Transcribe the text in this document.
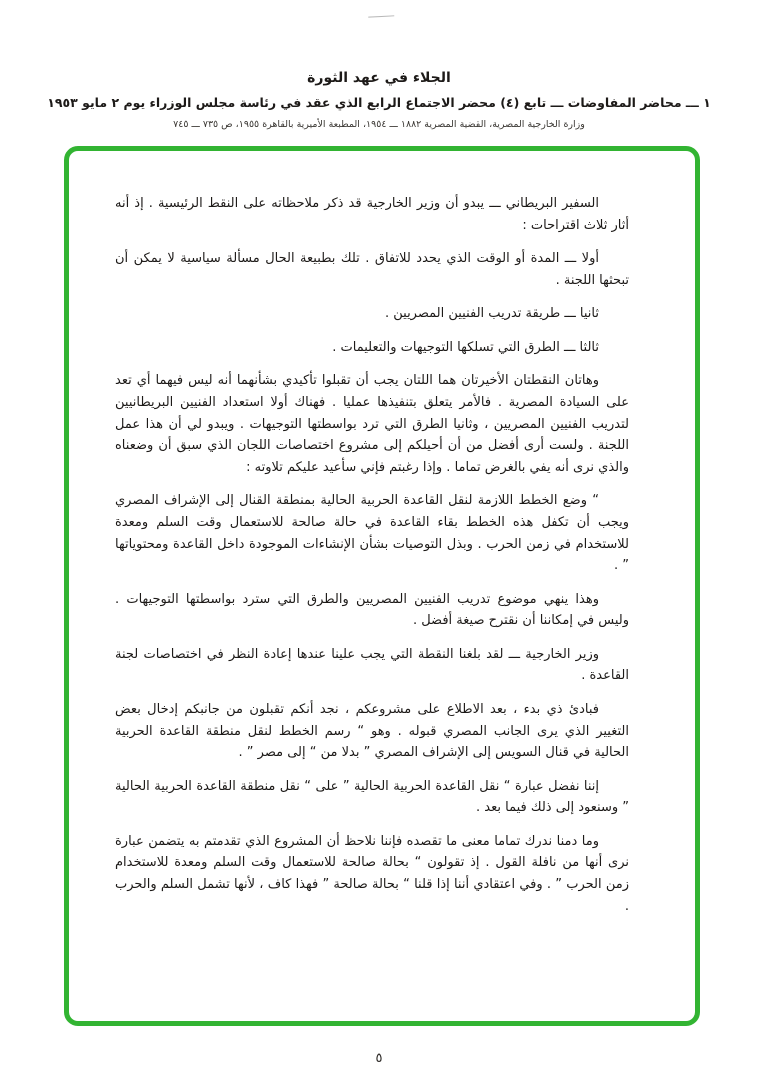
الجلاء في عهد الثورة
١ ـــ محاضر المفاوضات ـــ تابع (٤) محضر الاجتماع الرابع الذي عقد في رئاسة مجلس الوزراء يوم ٢ مايو ١٩٥٣
وزارة الخارجية المصرية، القضية المصرية ١٨٨٢ ـــ ١٩٥٤، المطبعة الأميرية بالقاهرة ١٩٥٥، ص ٧٣٥ ـــ ٧٤٥

السفير البريطاني ـــ يبدو أن وزير الخارجية قد ذكر ملاحظاته على النقط الرئيسية . إذ أنه أثار ثلاث اقتراحات :

أولا ـــ المدة أو الوقت الذي يحدد للاتفاق . تلك بطبيعة الحال مسألة سياسية لا يمكن أن تبحثها اللجنة .

ثانيا ـــ طريقة تدريب الفنيين المصريين .

ثالثا ـــ الطرق التي تسلكها التوجيهات والتعليمات .

وهاتان النقطتان الأخيرتان هما اللتان يجب أن تقبلوا تأكيدي بشأنهما أنه ليس فيهما أي تعد على السيادة المصرية . فالأمر يتعلق بتنفيذها عمليا . فهناك أولا استعداد الفنيين البريطانيين لتدريب الفنيين المصريين ، وثانيا الطرق التي ترد بواسطتها التوجيهات . ويبدو لي أن هذا عمل اللجنة . ولست أرى أفضل من أن أحيلكم إلى مشروع اختصاصات اللجان الذي سبق أن وضعناه والذي نرى أنه يفي بالغرض تماما . وإذا رغبتم فإني سأعيد عليكم تلاوته :

“ وضع الخطط اللازمة لنقل القاعدة الحربية الحالية بمنطقة القنال إلى الإشراف المصري ويجب أن تكفل هذه الخطط بقاء القاعدة في حالة صالحة للاستعمال وقت السلم ومعدة للاستخدام في زمن الحرب . وبذل التوصيات بشأن الإنشاءات الموجودة داخل القاعدة ومحتوياتها ” .

وهذا ينهي موضوع تدريب الفنيين المصريين والطرق التي سترد بواسطتها التوجيهات . وليس في إمكاننا أن نقترح صيغة أفضل .

وزير الخارجية ـــ لقد بلغنا النقطة التي يجب علينا عندها إعادة النظر في اختصاصات لجنة القاعدة .

فبادئ ذي بدء ، بعد الاطلاع على مشروعكم ، نجد أنكم تقبلون من جانبكم إدخال بعض التغيير الذي يرى الجانب المصري قبوله . وهو “ رسم الخطط لنقل منطقة القاعدة الحربية الحالية في قنال السويس إلى الإشراف المصري ” بدلا من “ إلى مصر ” .

إننا نفضل عبارة “ نقل القاعدة الحربية الحالية ” على “ نقل منطقة القاعدة الحربية الحالية ” وسنعود إلى ذلك فيما بعد .

وما دمنا ندرك تماما معنى ما تقصده فإننا نلاحظ أن المشروع الذي تقدمتم به يتضمن عبارة نرى أنها من نافلة القول . إذ تقولون “ بحالة صالحة للاستعمال وقت السلم ومعدة للاستخدام زمن الحرب ” . وفي اعتقادي أننا إذا قلنا “ بحالة صالحة ” فهذا كاف ، لأنها تشمل السلم والحرب .

٥
